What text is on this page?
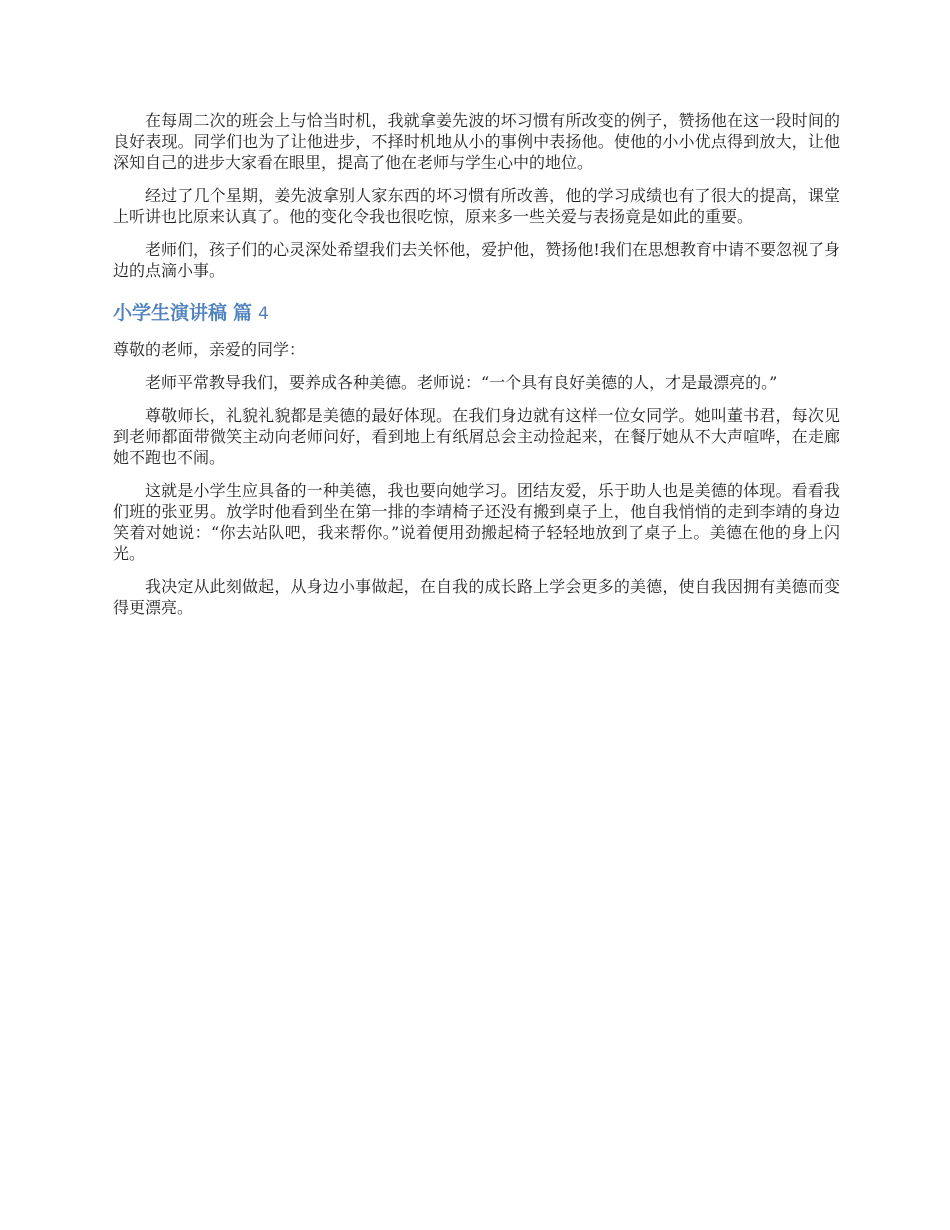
在每周二次的班会上与恰当时机，我就拿姜先波的坏习惯有所改变的例子，赞扬他在这一段时间的良好表现。同学们也为了让他进步，不择时机地从小的事例中表扬他。使他的小小优点得到放大，让他深知自己的进步大家看在眼里，提高了他在老师与学生心中的地位。

经过了几个星期，姜先波拿别人家东西的坏习惯有所改善，他的学习成绩也有了很大的提高，课堂上听讲也比原来认真了。他的变化令我也很吃惊，原来多一些关爱与表扬竟是如此的重要。

老师们，孩子们的心灵深处希望我们去关怀他，爱护他，赞扬他!我们在思想教育中请不要忽视了身边的点滴小事。

小学生演讲稿 篇 4

尊敬的老师，亲爱的同学：

老师平常教导我们，要养成各种美德。老师说：“一个具有良好美德的人，才是最漂亮的。”

尊敬师长，礼貌礼貌都是美德的最好体现。在我们身边就有这样一位女同学。她叫董书君，每次见到老师都面带微笑主动向老师问好，看到地上有纸屑总会主动捡起来，在餐厅她从不大声喧哗，在走廊她不跑也不闹。

这就是小学生应具备的一种美德，我也要向她学习。团结友爱，乐于助人也是美德的体现。看看我们班的张亚男。放学时他看到坐在第一排的李靖椅子还没有搬到桌子上，他自我悄悄的走到李靖的身边笑着对她说：“你去站队吧，我来帮你。”说着便用劲搬起椅子轻轻地放到了桌子上。美德在他的身上闪光。

我决定从此刻做起，从身边小事做起，在自我的成长路上学会更多的美德，使自我因拥有美德而变得更漂亮。
